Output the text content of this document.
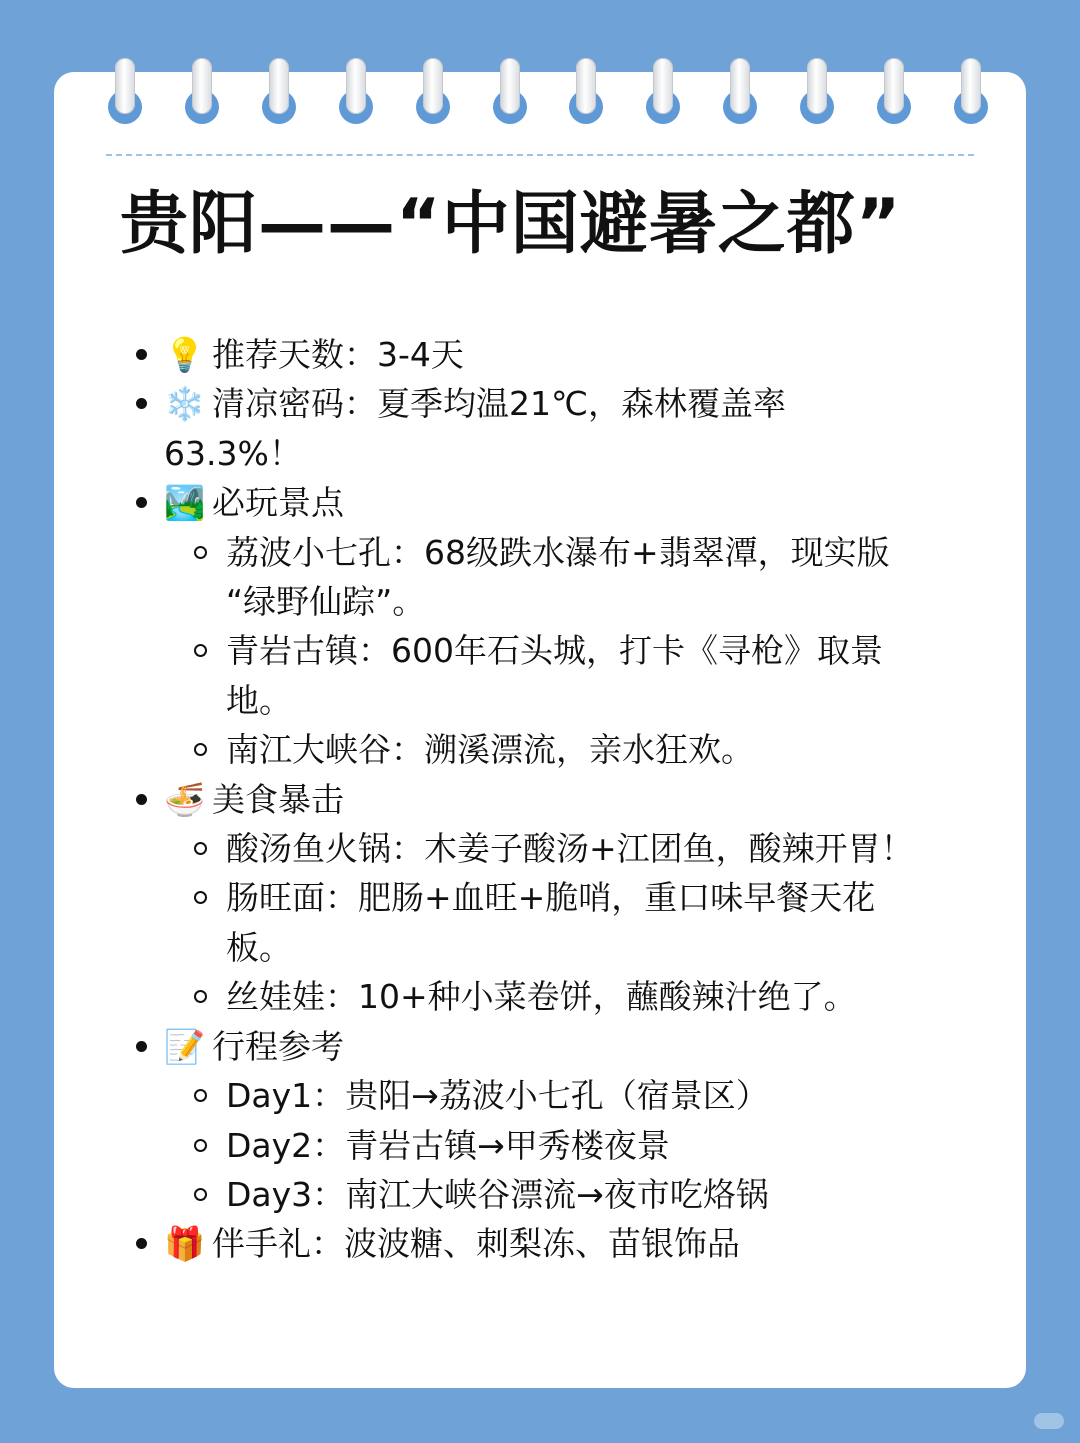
贵阳——“中国避暑之都”
💡 推荐天数：3-4天
❄️ 清凉密码：夏季均温21℃，森林覆盖率
63.3%！
🏞️ 必玩景点
荔波小七孔：68级跌水瀑布+翡翠潭，现实版
“绿野仙踪”。
青岩古镇：600年石头城，打卡《寻枪》取景
地。
南江大峡谷：溯溪漂流，亲水狂欢。
🍜 美食暴击
酸汤鱼火锅：木姜子酸汤+江团鱼，酸辣开胃！
肠旺面：肥肠+血旺+脆哨，重口味早餐天花
板。
丝娃娃：10+种小菜卷饼，蘸酸辣汁绝了。
📝 行程参考
Day1：贵阳→荔波小七孔（宿景区）
Day2：青岩古镇→甲秀楼夜景
Day3：南江大峡谷漂流→夜市吃烙锅
🎁 伴手礼：波波糖、刺梨冻、苗银饰品
